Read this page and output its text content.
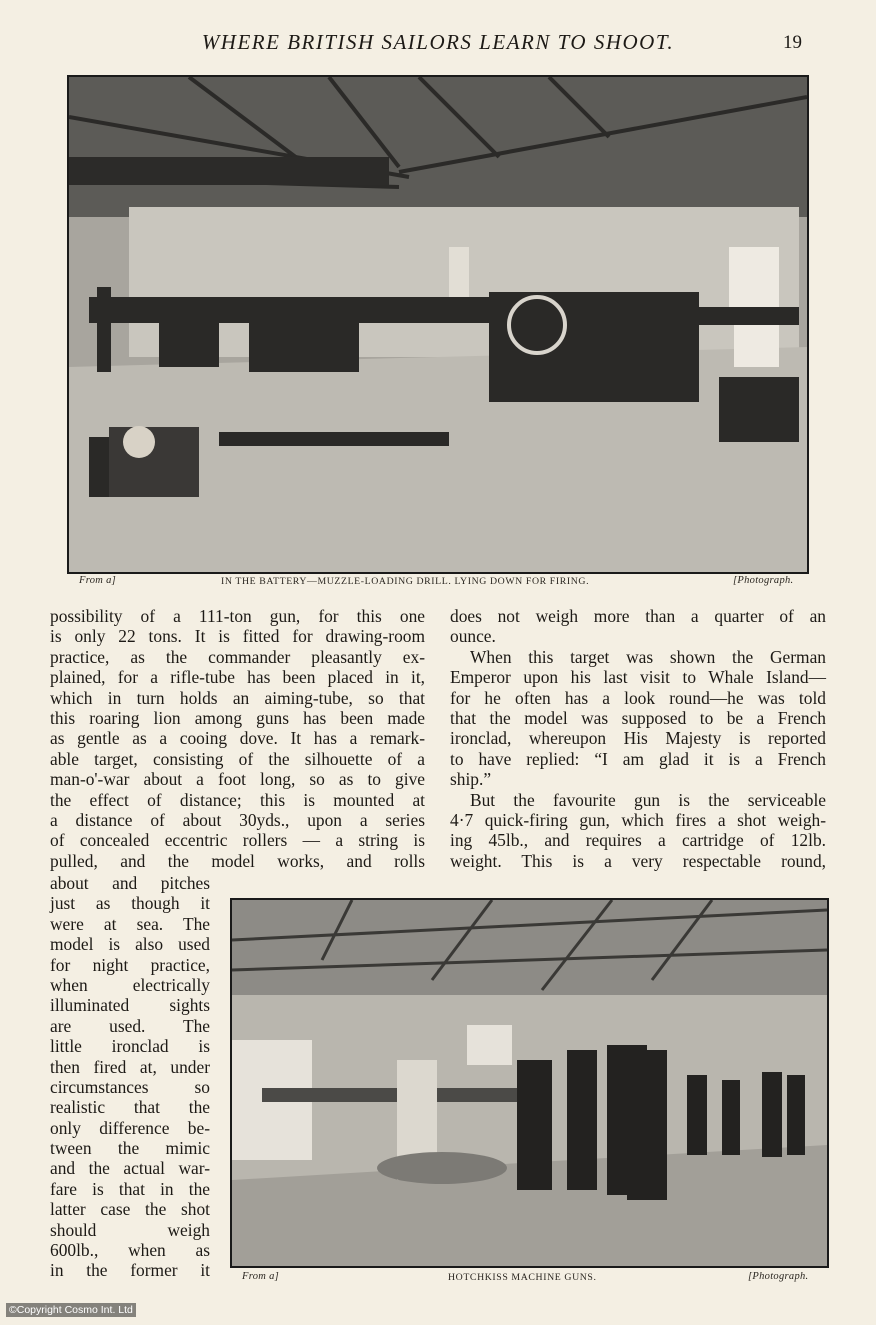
WHERE BRITISH SAILORS LEARN TO SHOOT.	19
From a]	IN THE BATTERY—MUZZLE-LOADING DRILL. LYING DOWN FOR FIRING.	[Photograph.
possibility of a 111-ton gun, for this one
is only 22 tons. It is fitted for drawing-room
practice, as the commander pleasantly ex-
plained, for a rifle-tube has been placed in it,
which in turn holds an aiming-tube, so that
this roaring lion among guns has been made
as gentle as a cooing dove. It has a remark-
able target, consisting of the silhouette of a
man-o'-war about a foot long, so as to give
the effect of distance; this is mounted at
a distance of about 30yds., upon a series
of concealed eccentric rollers — a string is
pulled, and the model works, and rolls
about and pitches
just as though it
were at sea. The
model is also used
for night practice,
when electrically
illuminated sights
are used. The
little ironclad is
then fired at, under
circumstances so
realistic that the
only difference be-
tween the mimic
and the actual war-
fare is that in the
latter case the shot
should weigh
600lb., when as
in the former it
does not weigh more than a quarter of an
ounce.
When this target was shown the German
Emperor upon his last visit to Whale Island—
for he often has a look round—he was told
that the model was supposed to be a French
ironclad, whereupon His Majesty is reported
to have replied: “I am glad it is a French
ship.”
But the favourite gun is the serviceable
4·7 quick-firing gun, which fires a shot weigh-
ing 45lb., and requires a cartridge of 12lb.
weight. This is a very respectable round,
From a]	HOTCHKISS MACHINE GUNS.	[Photograph.
©Copyright Cosmo Int. Ltd
